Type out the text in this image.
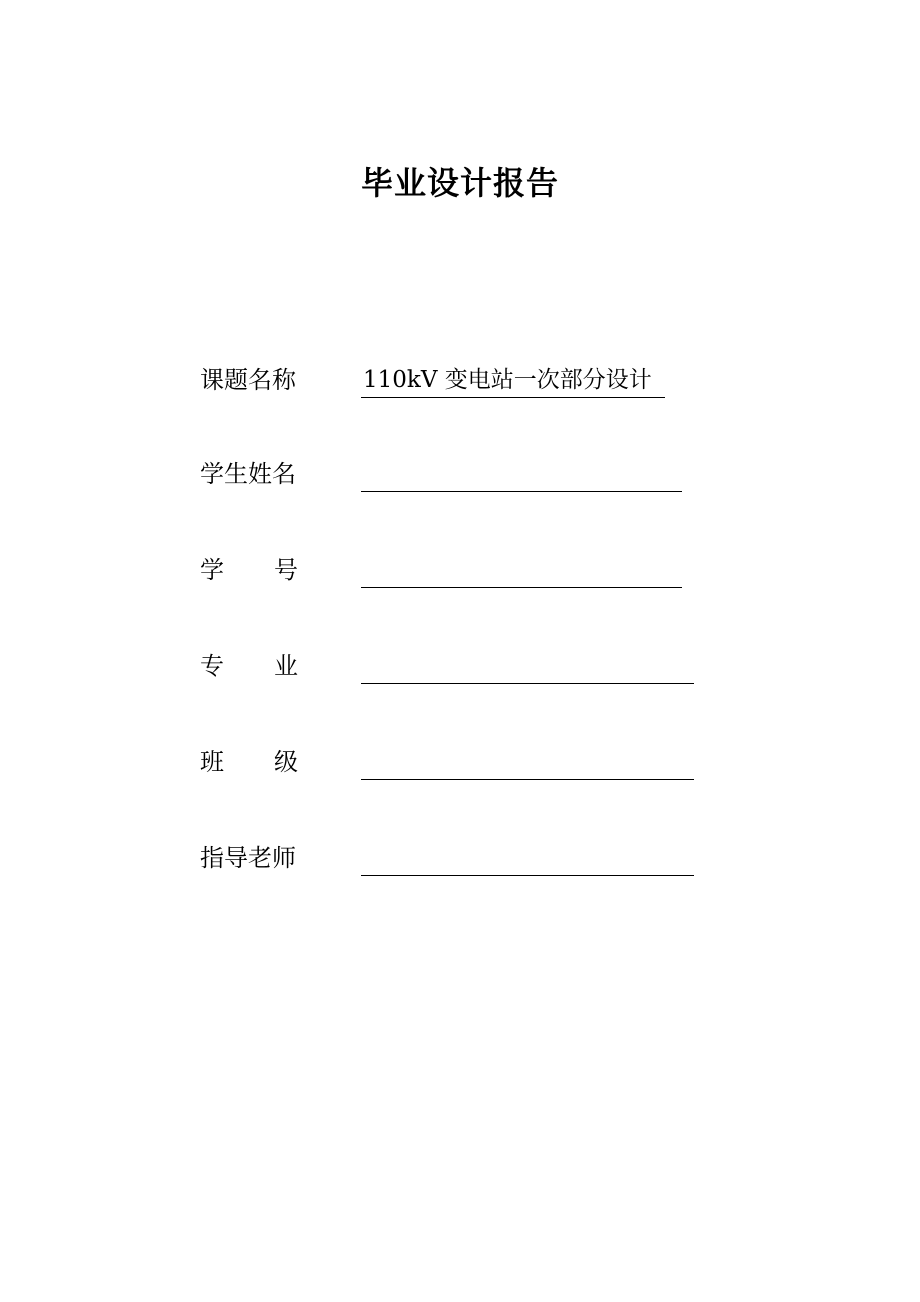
毕业设计报告
课题名称	110kV 变电站一次部分设计
学生姓名
学 号
专 业
班 级
指导老师
